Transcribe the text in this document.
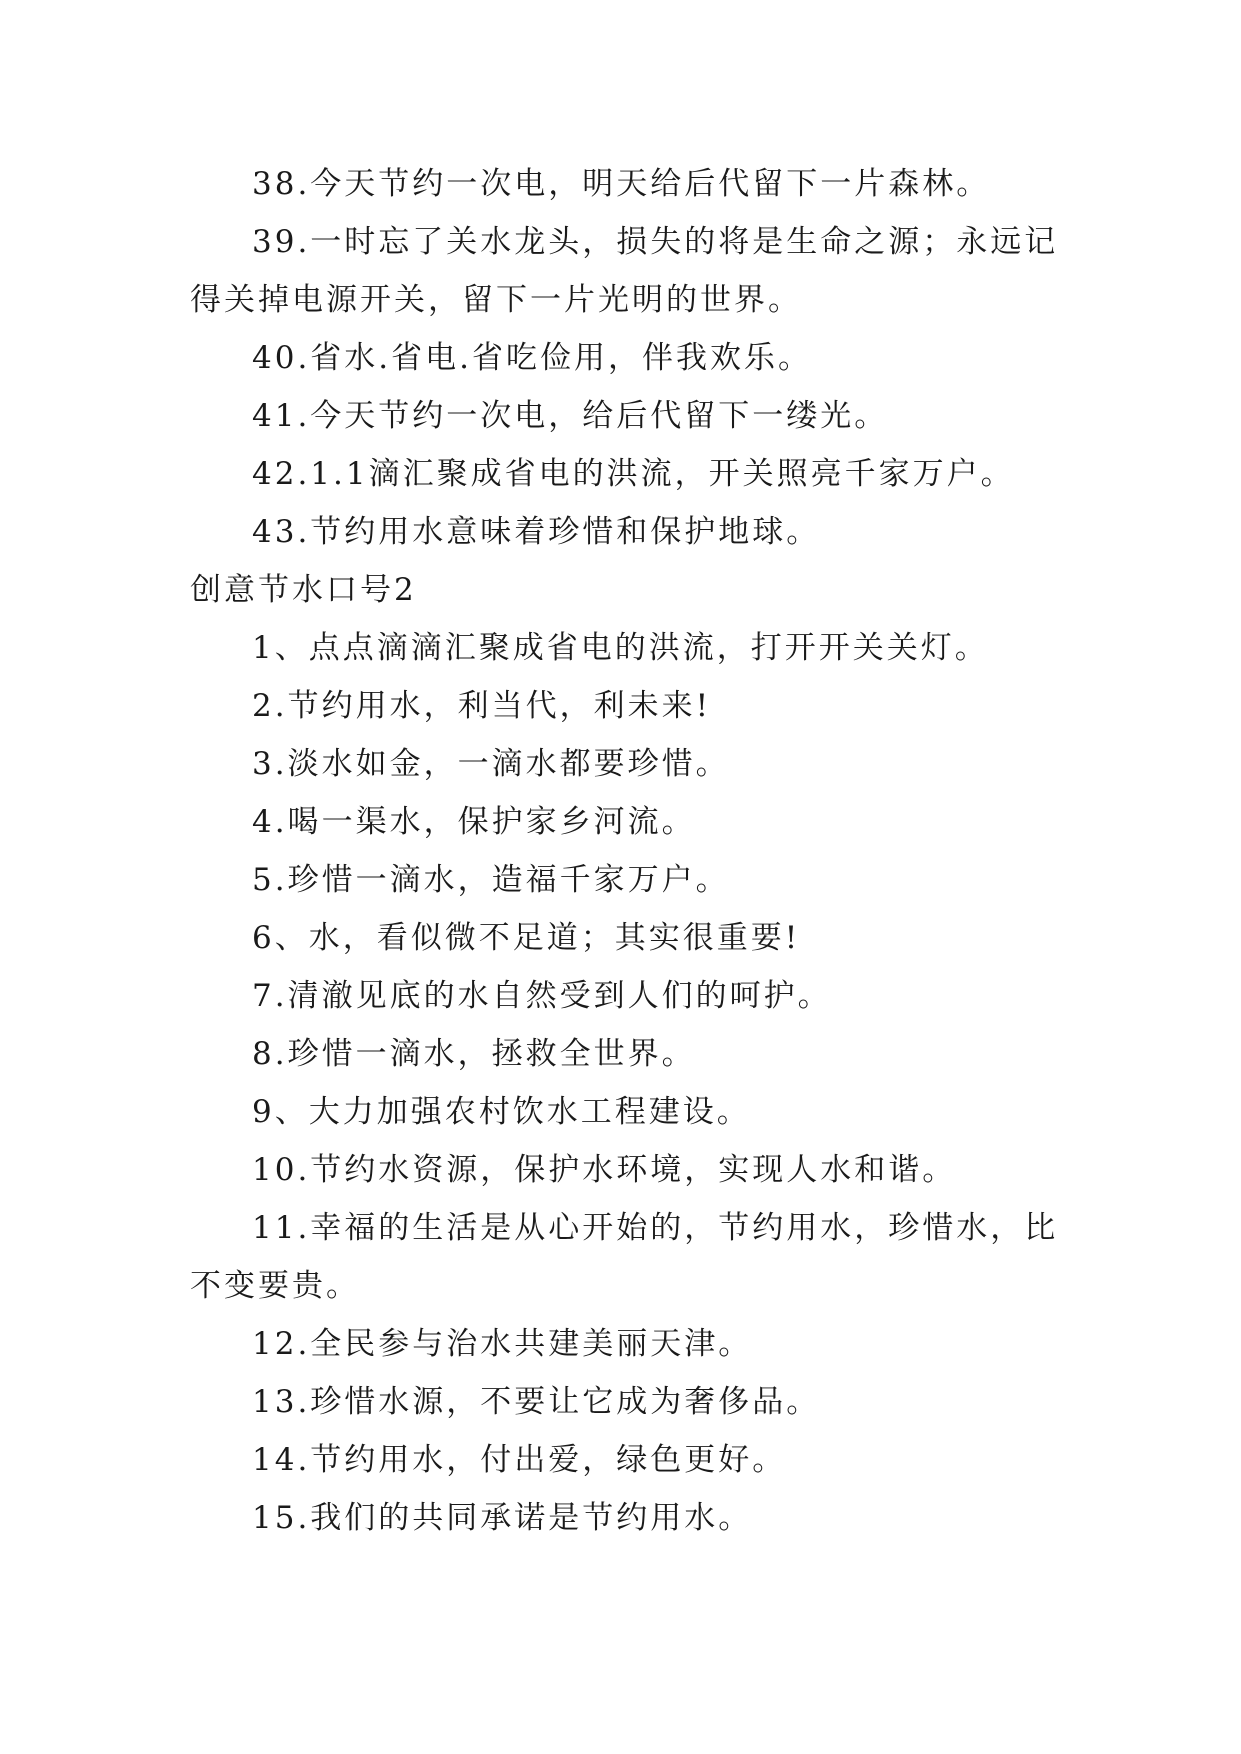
38.今天节约一次电，明天给后代留下一片森林。

39.一时忘了关水龙头，损失的将是生命之源；永远记得关掉电源开关，留下一片光明的世界。

40.省水.省电.省吃俭用，伴我欢乐。

41.今天节约一次电，给后代留下一缕光。

42.1.1滴汇聚成省电的洪流，开关照亮千家万户。

43.节约用水意味着珍惜和保护地球。

创意节水口号2

1、点点滴滴汇聚成省电的洪流，打开开关关灯。

2.节约用水，利当代，利未来!

3.淡水如金，一滴水都要珍惜。

4.喝一渠水，保护家乡河流。

5.珍惜一滴水，造福千家万户。

6、水，看似微不足道；其实很重要!

7.清澈见底的水自然受到人们的呵护。

8.珍惜一滴水，拯救全世界。

9、大力加强农村饮水工程建设。

10.节约水资源，保护水环境，实现人水和谐。

11.幸福的生活是从心开始的，节约用水，珍惜水，比不变要贵。

12.全民参与治水共建美丽天津。

13.珍惜水源，不要让它成为奢侈品。

14.节约用水，付出爱，绿色更好。

15.我们的共同承诺是节约用水。
